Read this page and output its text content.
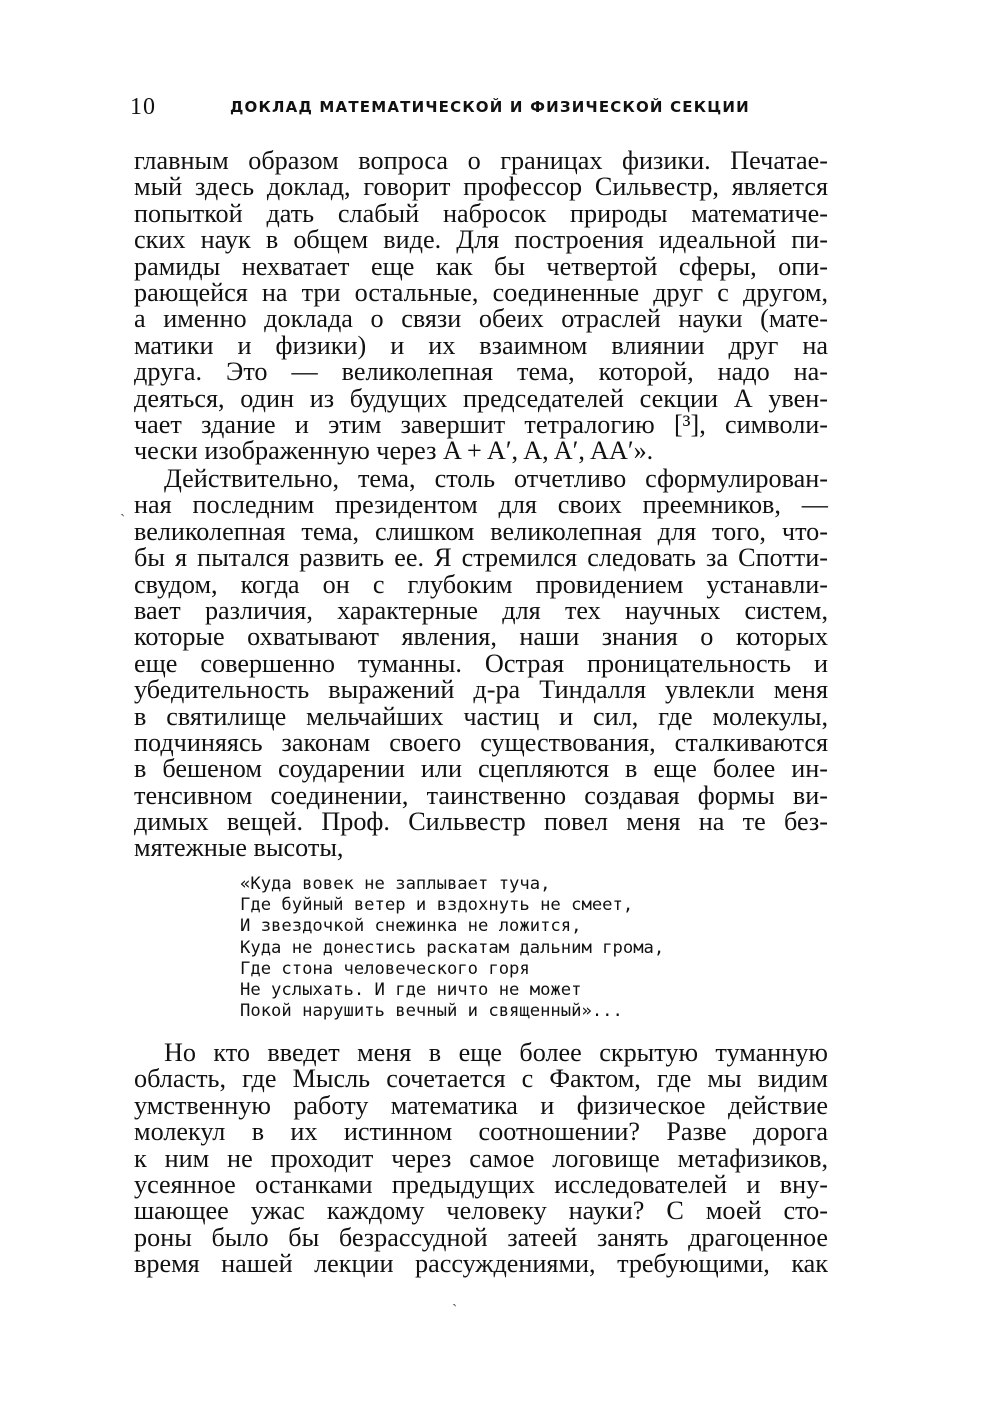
10	ДОКЛАД МАТЕМАТИЧЕСКОЙ И ФИЗИЧЕСКОЙ СЕКЦИИ
главным образом вопроса о границах физики. Печатае-
мый здесь доклад, говорит профессор Сильвестр, является
попыткой дать слабый набросок природы математиче-
ских наук в общем виде. Для построения идеальной пи-
рамиды нехватает еще как бы четвертой сферы, опи-
рающейся на три остальные, соединенные друг с другом,
а именно доклада о связи обеих отраслей науки (мате-
матики и физики) и их взаимном влиянии друг на
друга. Это — великолепная тема, которой, надо на-
деяться, один из будущих председателей секции А увен-
чает здание и этим завершит тетралогию [³], символи-
чески изображенную через A + A′, A, A′, AA′».
Действительно, тема, столь отчетливо сформулирован-
ная последним президентом для своих преемников, —
великолепная тема, слишком великолепная для того, что-
бы я пытался развить ее. Я стремился следовать за Спотти-
свудом, когда он с глубоким провидением устанавли-
вает различия, характерные для тех научных систем,
которые охватывают явления, наши знания о которых
еще совершенно туманны. Острая проницательность и
убедительность выражений д-ра Тиндалля увлекли меня
в святилище мельчайших частиц и сил, где молекулы,
подчиняясь законам своего существования, сталкиваются
в бешеном соударении или сцепляются в еще более ин-
тенсивном соединении, таинственно создавая формы ви-
димых вещей. Проф. Сильвестр повел меня на те без-
мятежные высоты,
«Куда вовек не заплывает туча,
Где буйный ветер и вздохнуть не смеет,
И звездочкой снежинка не ложится,
Куда не донестись раскатам дальним грома,
Где стона человеческого горя
Не услыхать. И где ничто не может
Покой нарушить вечный и священный»...
Но кто введет меня в еще более скрытую туманную
область, где Мысль сочетается с Фактом, где мы видим
умственную работу математика и физическое действие
молекул в их истинном соотношении? Разве дорога
к ним не проходит через самое логовище метафизиков,
усеянное останками предыдущих исследователей и вну-
шающее ужас каждому человеку науки? С моей сто-
роны было бы безрассудной затеей занять драгоценное
время нашей лекции рассуждениями, требующими, как
ˎ
ˎ
